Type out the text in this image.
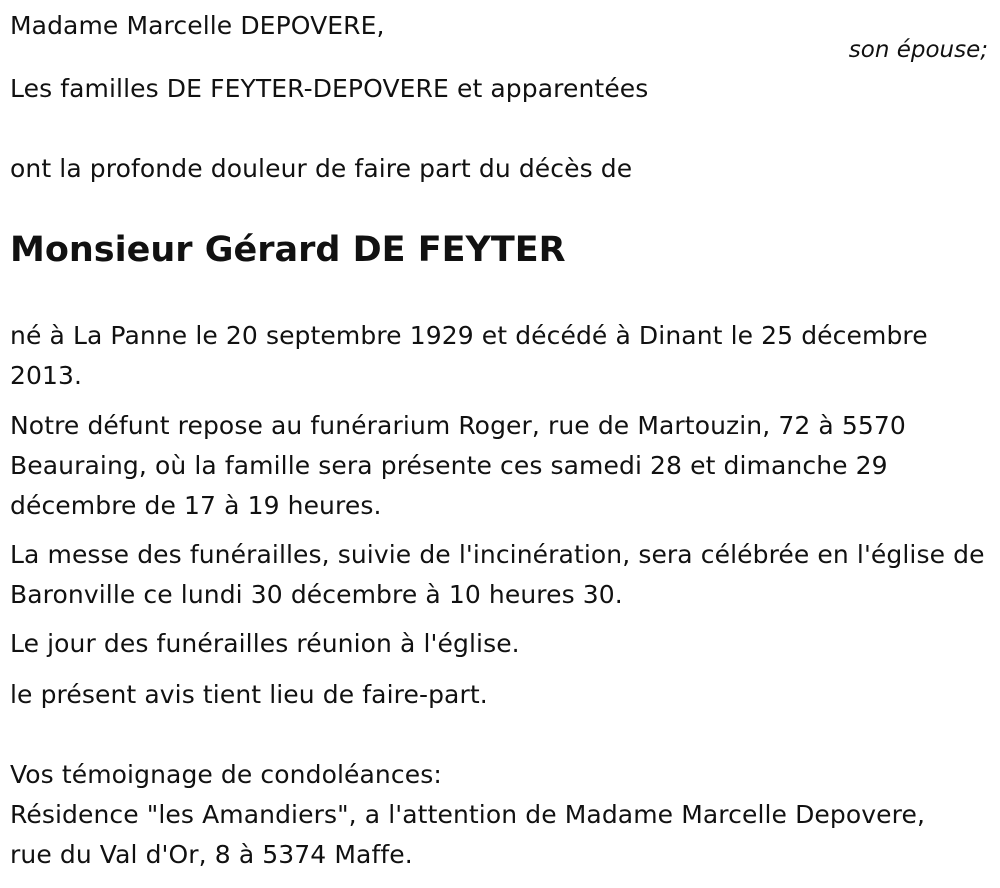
Madame Marcelle DEPOVERE,
son épouse;
Les familles DE FEYTER-DEPOVERE et apparentées
ont la profonde douleur de faire part du décès de
Monsieur Gérard DE FEYTER
né à La Panne le 20 septembre 1929 et décédé à Dinant le 25 décembre 2013.
Notre défunt repose au funérarium Roger, rue de Martouzin, 72 à 5570 Beauraing, où la famille sera présente ces samedi 28 et dimanche 29 décembre de 17 à 19 heures.
La messe des funérailles, suivie de l'incinération, sera célébrée en l'église de Baronville ce lundi 30 décembre à 10 heures 30.
Le jour des funérailles réunion à l'église.
le présent avis tient lieu de faire-part.
Vos témoignage de condoléances:
Résidence "les Amandiers", a l'attention de Madame Marcelle Depovere,
rue du Val d'Or, 8 à 5374 Maffe.
